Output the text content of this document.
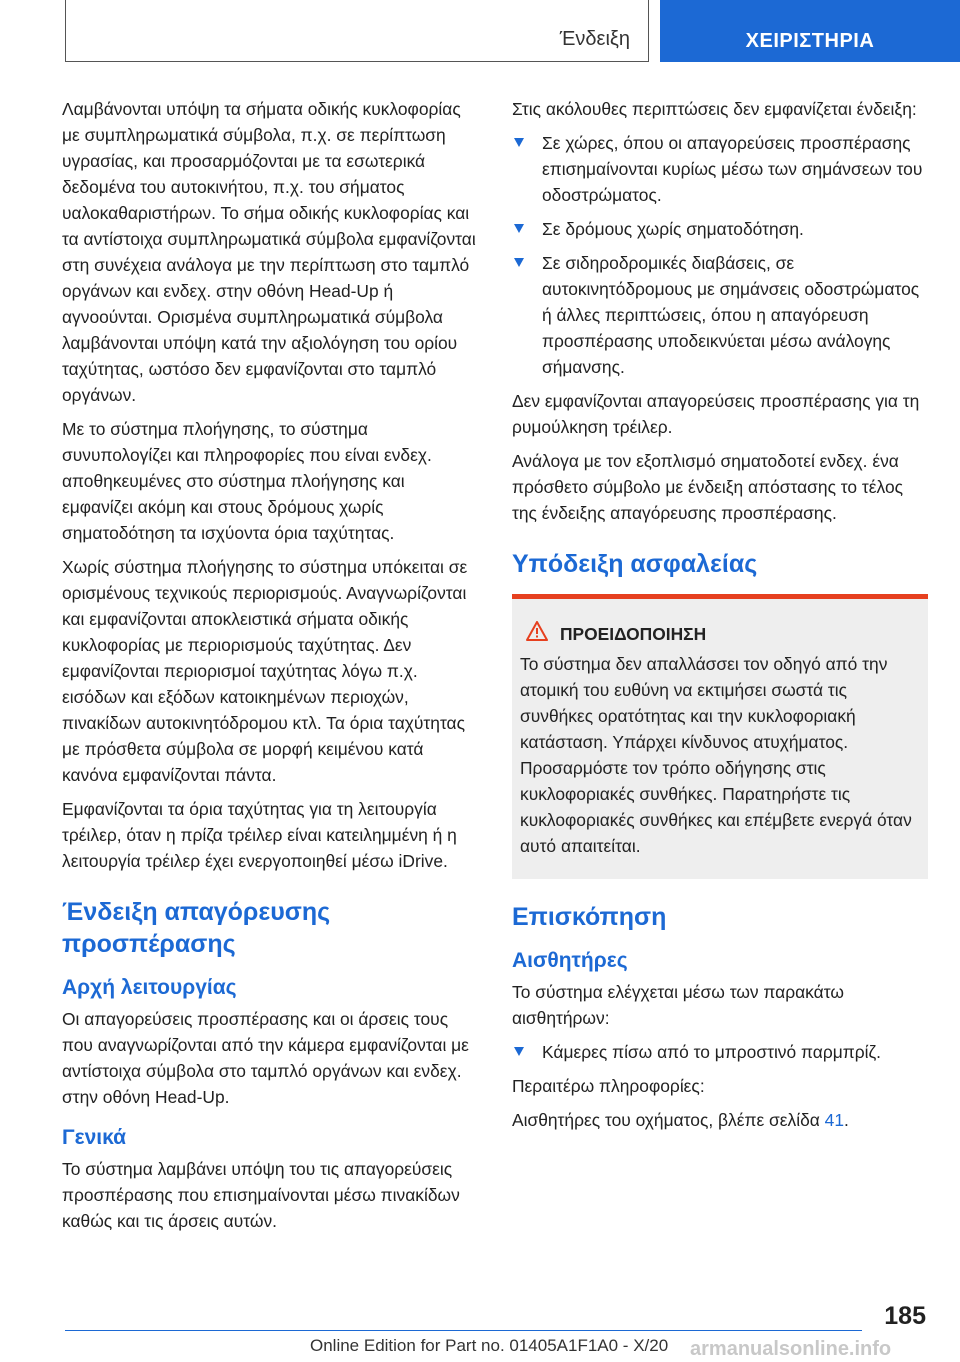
Ένδειξη	ΧΕΙΡΙΣΤΗΡΙΑ

Λαμβάνονται υπόψη τα σήματα οδικής κυκλοφορίας με συμπληρωματικά σύμβολα, π.χ. σε περίπτωση υγρασίας, και προσαρμόζονται με τα εσωτερικά δεδομένα του αυτοκινήτου, π.χ. του σήματος υαλοκαθαριστήρων. Το σήμα οδικής κυκλοφορίας και τα αντίστοιχα συμπληρωματικά σύμβολα εμφανίζονται στη συνέχεια ανάλογα με την περίπτωση στο ταμπλό οργάνων και ενδεχ. στην οθόνη Head-Up ή αγνοούνται. Ορισμένα συμπληρωματικά σύμβολα λαμβάνονται υπόψη κατά την αξιολόγηση του ορίου ταχύτητας, ωστόσο δεν εμφανίζονται στο ταμπλό οργάνων.

Με το σύστημα πλοήγησης, το σύστημα συνυπολογίζει και πληροφορίες που είναι ενδεχ. αποθηκευμένες στο σύστημα πλοήγησης και εμφανίζει ακόμη και στους δρόμους χωρίς σηματοδότηση τα ισχύοντα όρια ταχύτητας.

Χωρίς σύστημα πλοήγησης το σύστημα υπόκειται σε ορισμένους τεχνικούς περιορισμούς. Αναγνωρίζονται και εμφανίζονται αποκλειστικά σήματα οδικής κυκλοφορίας με περιορισμούς ταχύτητας. Δεν εμφανίζονται περιορισμοί ταχύτητας λόγω π.χ. εισόδων και εξόδων κατοικημένων περιοχών, πινακίδων αυτοκινητόδρομου κτλ. Τα όρια ταχύτητας με πρόσθετα σύμβολα σε μορφή κειμένου κατά κανόνα εμφανίζονται πάντα.

Εμφανίζονται τα όρια ταχύτητας για τη λειτουργία τρέιλερ, όταν η πρίζα τρέιλερ είναι κατειλημμένη ή η λειτουργία τρέιλερ έχει ενεργοποιηθεί μέσω iDrive.

Ένδειξη απαγόρευσης προσπέρασης
Αρχή λειτουργίας

Οι απαγορεύσεις προσπέρασης και οι άρσεις τους που αναγνωρίζονται από την κάμερα εμφανίζονται με αντίστοιχα σύμβολα στο ταμπλό οργάνων και ενδεχ. στην οθόνη Head-Up.

Γενικά

Το σύστημα λαμβάνει υπόψη του τις απαγορεύσεις προσπέρασης που επισημαίνονται μέσω πινακίδων καθώς και τις άρσεις αυτών.

Στις ακόλουθες περιπτώσεις δεν εμφανίζεται ένδειξη:

Σε χώρες, όπου οι απαγορεύσεις προσπέρασης επισημαίνονται κυρίως μέσω των σημάνσεων του οδοστρώματος.
Σε δρόμους χωρίς σηματοδότηση.
Σε σιδηροδρομικές διαβάσεις, σε αυτοκινητόδρομους με σημάνσεις οδοστρώματος ή άλλες περιπτώσεις, όπου η απαγόρευση προσπέρασης υποδεικνύεται μέσω ανάλογης σήμανσης.

Δεν εμφανίζονται απαγορεύσεις προσπέρασης για τη ρυμούλκηση τρέιλερ.

Ανάλογα με τον εξοπλισμό σηματοδοτεί ενδεχ. ένα πρόσθετο σύμβολο με ένδειξη απόστασης το τέλος της ένδειξης απαγόρευσης προσπέρασης.

Υπόδειξη ασφαλείας
ΠΡΟΕΙΔΟΠΟΙΗΣΗ
Το σύστημα δεν απαλλάσσει τον οδηγό από την ατομική του ευθύνη να εκτιμήσει σωστά τις συνθήκες ορατότητας και την κυκλοφοριακή κατάσταση. Υπάρχει κίνδυνος ατυχήματος. Προσαρμόστε τον τρόπο οδήγησης στις κυκλοφοριακές συνθήκες. Παρατηρήστε τις κυκλοφοριακές συνθήκες και επέμβετε ενεργά όταν αυτό απαιτείται.
Επισκόπηση
Αισθητήρες

Το σύστημα ελέγχεται μέσω των παρακάτω αισθητήρων:

Κάμερες πίσω από το μπροστινό παρμπρίζ.

Περαιτέρω πληροφορίες:

Αισθητήρες του οχήματος, βλέπε σελίδα 41.

185
Online Edition for Part no. 01405A1F1A0 - X/20 armanualsonline.info
